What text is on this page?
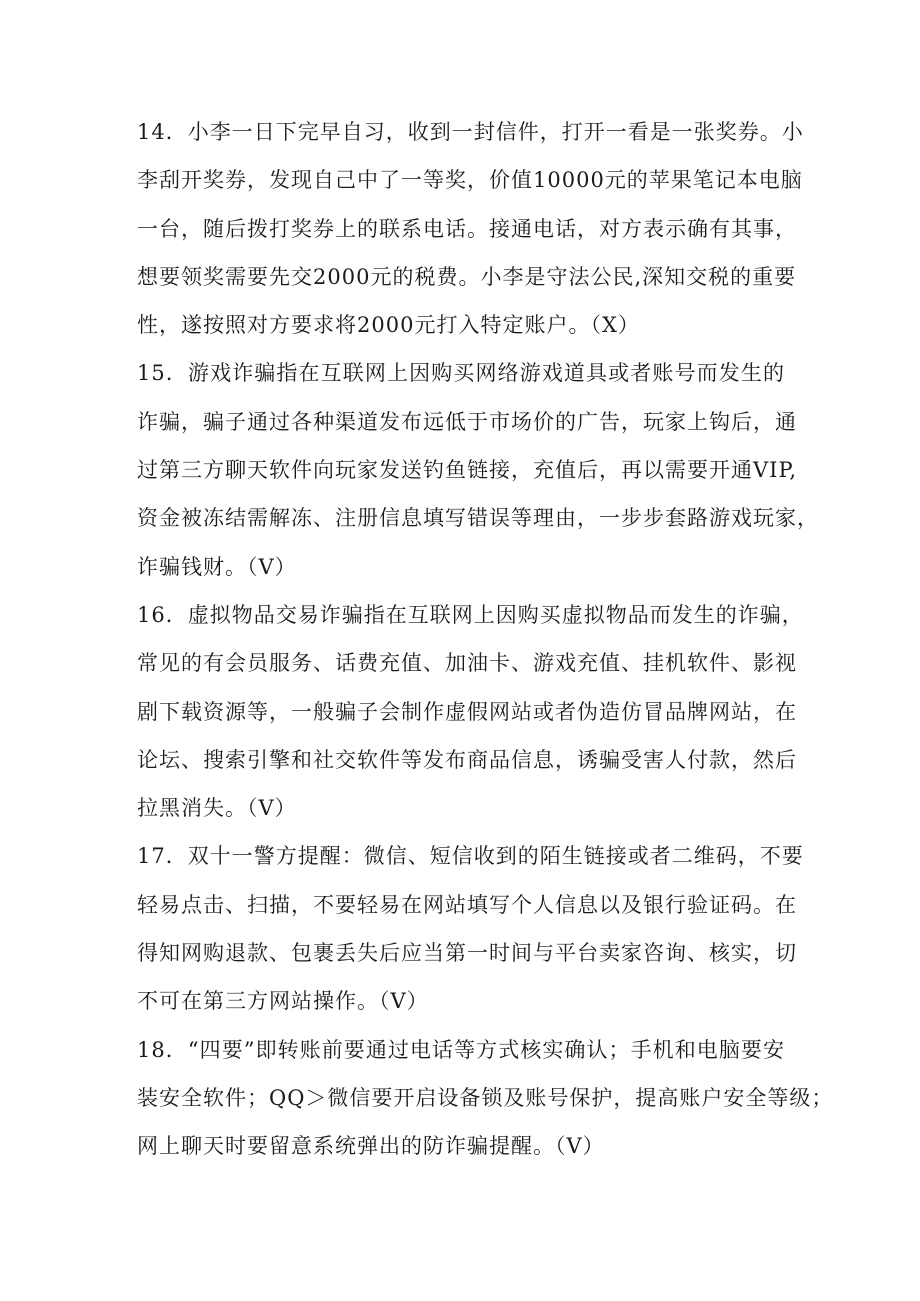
14．小李一日下完早自习，收到一封信件，打开一看是一张奖券。小
李刮开奖券，发现自己中了一等奖，价值10000元的苹果笔记本电脑
一台，随后拨打奖券上的联系电话。接通电话，对方表示确有其事，
想要领奖需要先交2000元的税费。小李是守法公民,深知交税的重要
性，遂按照对方要求将2000元打入特定账户。（X）
15．游戏诈骗指在互联网上因购买网络游戏道具或者账号而发生的
诈骗，骗子通过各种渠道发布远低于市场价的广告，玩家上钩后，通
过第三方聊天软件向玩家发送钓鱼链接，充值后，再以需要开通VIP,
资金被冻结需解冻、注册信息填写错误等理由，一步步套路游戏玩家，
诈骗钱财。（V）
16．虚拟物品交易诈骗指在互联网上因购买虚拟物品而发生的诈骗，
常见的有会员服务、话费充值、加油卡、游戏充值、挂机软件、影视
剧下载资源等，一般骗子会制作虚假网站或者伪造仿冒品牌网站，在
论坛、搜索引擎和社交软件等发布商品信息，诱骗受害人付款，然后
拉黑消失。（V）
17．双十一警方提醒：微信、短信收到的陌生链接或者二维码，不要
轻易点击、扫描，不要轻易在网站填写个人信息以及银行验证码。在
得知网购退款、包裹丢失后应当第一时间与平台卖家咨询、核实，切
不可在第三方网站操作。（V）
18．“四要”即转账前要通过电话等方式核实确认；手机和电脑要安
装安全软件；QQ＞微信要开启设备锁及账号保护，提高账户安全等级；
网上聊天时要留意系统弹出的防诈骗提醒。（V）
